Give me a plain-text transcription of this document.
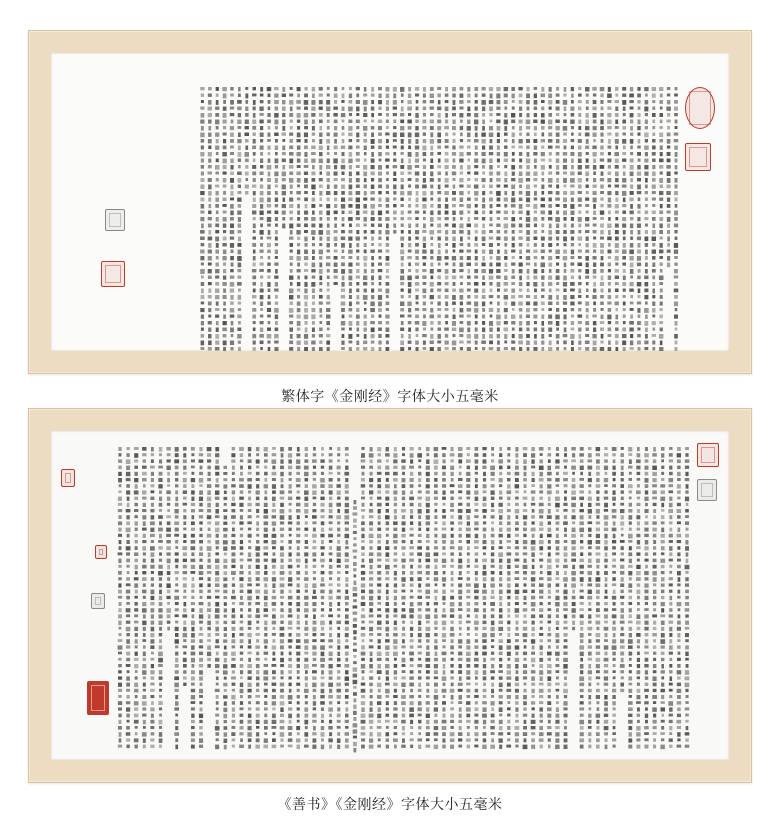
繁体字《金刚经》字体大小五毫米
《善书》《金刚经》字体大小五毫米
